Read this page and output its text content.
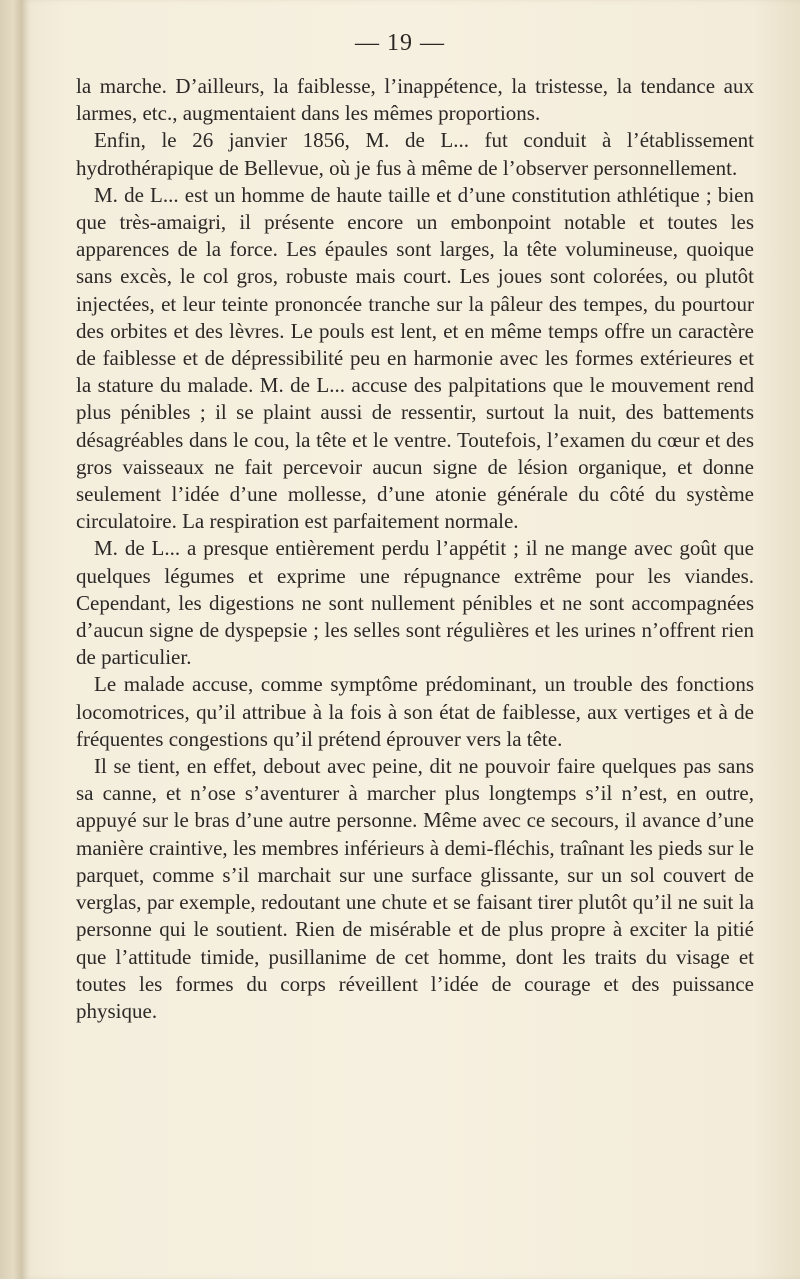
— 19 —

la marche. D’ailleurs, la faiblesse, l’inappétence, la tristesse, la tendance aux larmes, etc., augmentaient dans les mêmes proportions.

Enfin, le 26 janvier 1856, M. de L... fut conduit à l’établissement hydrothérapique de Bellevue, où je fus à même de l’observer personnellement.

M. de L... est un homme de haute taille et d’une constitution athlétique ; bien que très-amaigri, il présente encore un embonpoint notable et toutes les apparences de la force. Les épaules sont larges, la tête volumineuse, quoique sans excès, le col gros, robuste mais court. Les joues sont colorées, ou plutôt injectées, et leur teinte prononcée tranche sur la pâleur des tempes, du pourtour des orbites et des lèvres. Le pouls est lent, et en même temps offre un caractère de faiblesse et de dépressibilité peu en harmonie avec les formes extérieures et la stature du malade. M. de L... accuse des palpitations que le mouvement rend plus pénibles ; il se plaint aussi de ressentir, surtout la nuit, des battements désagréables dans le cou, la tête et le ventre. Toutefois, l’examen du cœur et des gros vaisseaux ne fait percevoir aucun signe de lésion organique, et donne seulement l’idée d’une mollesse, d’une atonie générale du côté du système circulatoire. La respiration est parfaitement normale.

M. de L... a presque entièrement perdu l’appétit ; il ne mange avec goût que quelques légumes et exprime une répugnance extrême pour les viandes. Cependant, les digestions ne sont nullement pénibles et ne sont accompagnées d’aucun signe de dyspepsie ; les selles sont régulières et les urines n’offrent rien de particulier.

Le malade accuse, comme symptôme prédominant, un trouble des fonctions locomotrices, qu’il attribue à la fois à son état de faiblesse, aux vertiges et à de fréquentes congestions qu’il prétend éprouver vers la tête.

Il se tient, en effet, debout avec peine, dit ne pouvoir faire quelques pas sans sa canne, et n’ose s’aventurer à marcher plus longtemps s’il n’est, en outre, appuyé sur le bras d’une autre personne. Même avec ce secours, il avance d’une manière craintive, les membres inférieurs à demi-fléchis, traînant les pieds sur le parquet, comme s’il marchait sur une surface glissante, sur un sol couvert de verglas, par exemple, redoutant une chute et se faisant tirer plutôt qu’il ne suit la personne qui le soutient. Rien de misérable et de plus propre à exciter la pitié que l’attitude timide, pusillanime de cet homme, dont les traits du visage et toutes les formes du corps réveillent l’idée de courage et des puissance physique.
